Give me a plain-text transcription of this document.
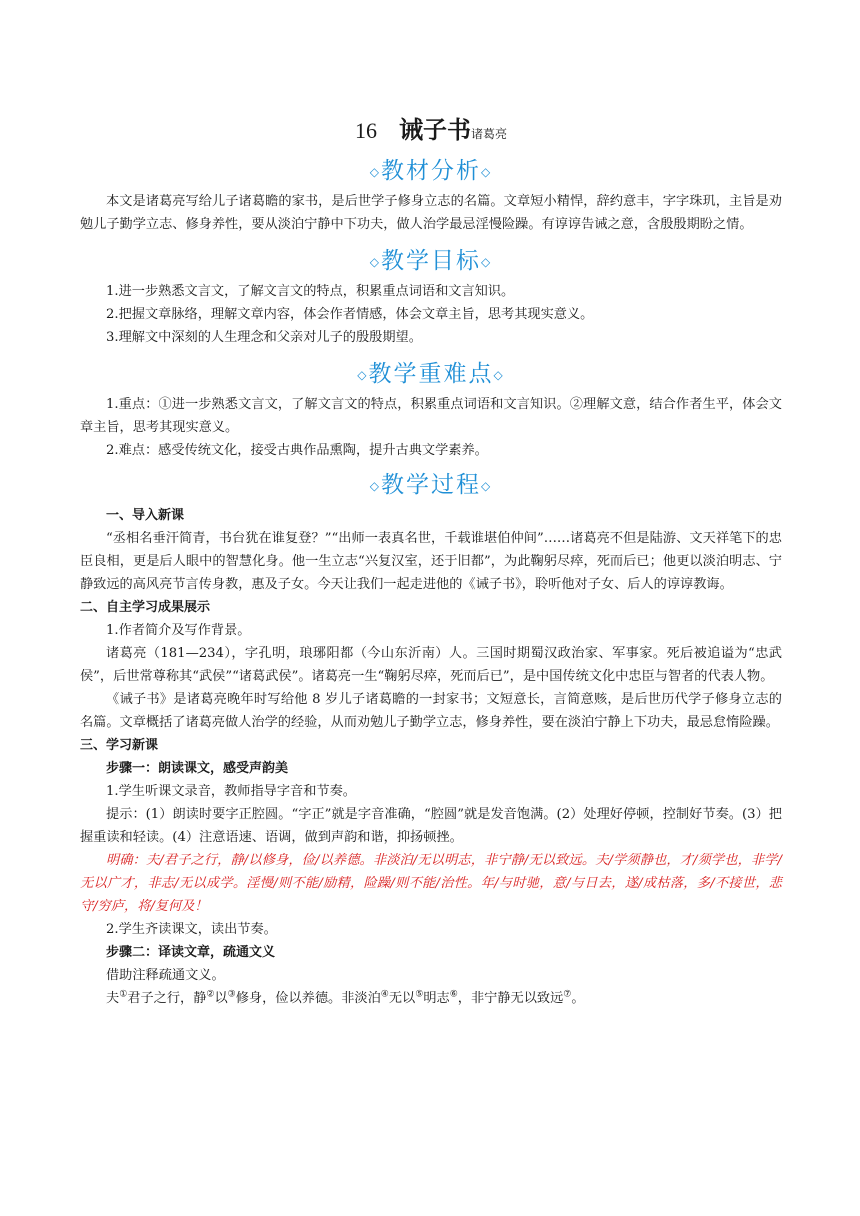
16 诫子书诸葛亮
◇教材分析◇

本文是诸葛亮写给儿子诸葛瞻的家书，是后世学子修身立志的名篇。文章短小精悍，辞约意丰，字字珠玑，主旨是劝勉儿子勤学立志、修身养性，要从淡泊宁静中下功夫，做人治学最忌淫慢险躁。有谆谆告诫之意，含殷殷期盼之情。

◇教学目标◇

1.进一步熟悉文言文，了解文言文的特点，积累重点词语和文言知识。

2.把握文章脉络，理解文章内容，体会作者情感，体会文章主旨，思考其现实意义。

3.理解文中深刻的人生理念和父亲对儿子的殷殷期望。

◇教学重难点◇

1.重点：①进一步熟悉文言文，了解文言文的特点，积累重点词语和文言知识。②理解文意，结合作者生平，体会文章主旨，思考其现实意义。

2.难点：感受传统文化，接受古典作品熏陶，提升古典文学素养。

◇教学过程◇

一、导入新课

“丞相名垂汗简青，书台犹在谁复登？”“出师一表真名世，千载谁堪伯仲间”……诸葛亮不但是陆游、文天祥笔下的忠臣良相，更是后人眼中的智慧化身。他一生立志“兴复汉室，还于旧都”，为此鞠躬尽瘁，死而后已；他更以淡泊明志、宁静致远的高风亮节言传身教，惠及子女。今天让我们一起走进他的《诫子书》，聆听他对子女、后人的谆谆教诲。

二、自主学习成果展示

1.作者简介及写作背景。

诸葛亮（181—234），字孔明，琅琊阳都（今山东沂南）人。三国时期蜀汉政治家、军事家。死后被追谥为“忠武侯”，后世常尊称其“武侯”“诸葛武侯”。诸葛亮一生“鞠躬尽瘁，死而后已”，是中国传统文化中忠臣与智者的代表人物。

《诫子书》是诸葛亮晚年时写给他 8 岁儿子诸葛瞻的一封家书；文短意长，言简意赅，是后世历代学子修身立志的名篇。文章概括了诸葛亮做人治学的经验，从而劝勉儿子勤学立志，修身养性，要在淡泊宁静上下功夫，最忌怠惰险躁。

三、学习新课

步骤一：朗读课文，感受声韵美

1.学生听课文录音，教师指导字音和节奏。

提示：(1）朗读时要字正腔圆。“字正”就是字音准确，“腔圆”就是发音饱满。(2）处理好停顿，控制好节奏。(3）把握重读和轻读。(4）注意语速、语调，做到声韵和谐，抑扬顿挫。

明确：夫/君子之行，静/以修身，俭/以养德。非淡泊/无以明志，非宁静/无以致远。夫/学须静也，才/须学也，非学/无以广才，非志/无以成学。淫慢/则不能/励精，险躁/则不能/治性。年/与时驰，意/与日去，遂/成枯落，多/不接世，悲守/穷庐，将/复何及！

2.学生齐读课文，读出节奏。

步骤二：译读文章，疏通文义

借助注释疏通文义。

夫①君子之行，静②以③修身，俭以养德。非淡泊④无以⑤明志⑥，非宁静无以致远⑦。
